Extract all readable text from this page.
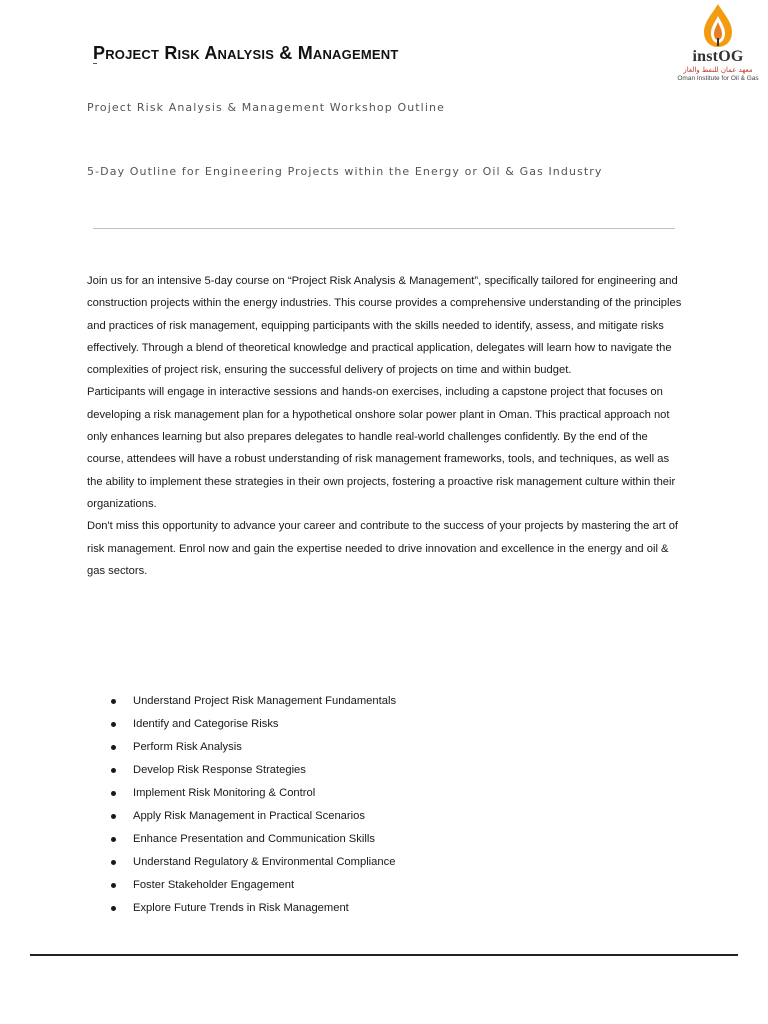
Project Risk Analysis & Management	instOG
معهد عمان للنفط والغاز
Oman Institute for Oil & Gas

Project Risk Analysis & Management Workshop Outline

5-Day Outline for Engineering Projects within the Energy or Oil & Gas Industry

Join us for an intensive 5-day course on “Project Risk Analysis & Management”, specifically tailored for engineering and construction projects within the energy industries. This course provides a comprehensive understanding of the principles and practices of risk management, equipping participants with the skills needed to identify, assess, and mitigate risks effectively. Through a blend of theoretical knowledge and practical application, delegates will learn how to navigate the complexities of project risk, ensuring the successful delivery of projects on time and within budget.

Participants will engage in interactive sessions and hands-on exercises, including a capstone project that focuses on developing a risk management plan for a hypothetical onshore solar power plant in Oman. This practical approach not only enhances learning but also prepares delegates to handle real-world challenges confidently. By the end of the course, attendees will have a robust understanding of risk management frameworks, tools, and techniques, as well as the ability to implement these strategies in their own projects, fostering a proactive risk management culture within their organizations.

Don't miss this opportunity to advance your career and contribute to the success of your projects by mastering the art of risk management. Enrol now and gain the expertise needed to drive innovation and excellence in the energy and oil & gas sectors.

Understand Project Risk Management Fundamentals
Identify and Categorise Risks
Perform Risk Analysis
Develop Risk Response Strategies
Implement Risk Monitoring & Control
Apply Risk Management in Practical Scenarios
Enhance Presentation and Communication Skills
Understand Regulatory & Environmental Compliance
Foster Stakeholder Engagement
Explore Future Trends in Risk Management
